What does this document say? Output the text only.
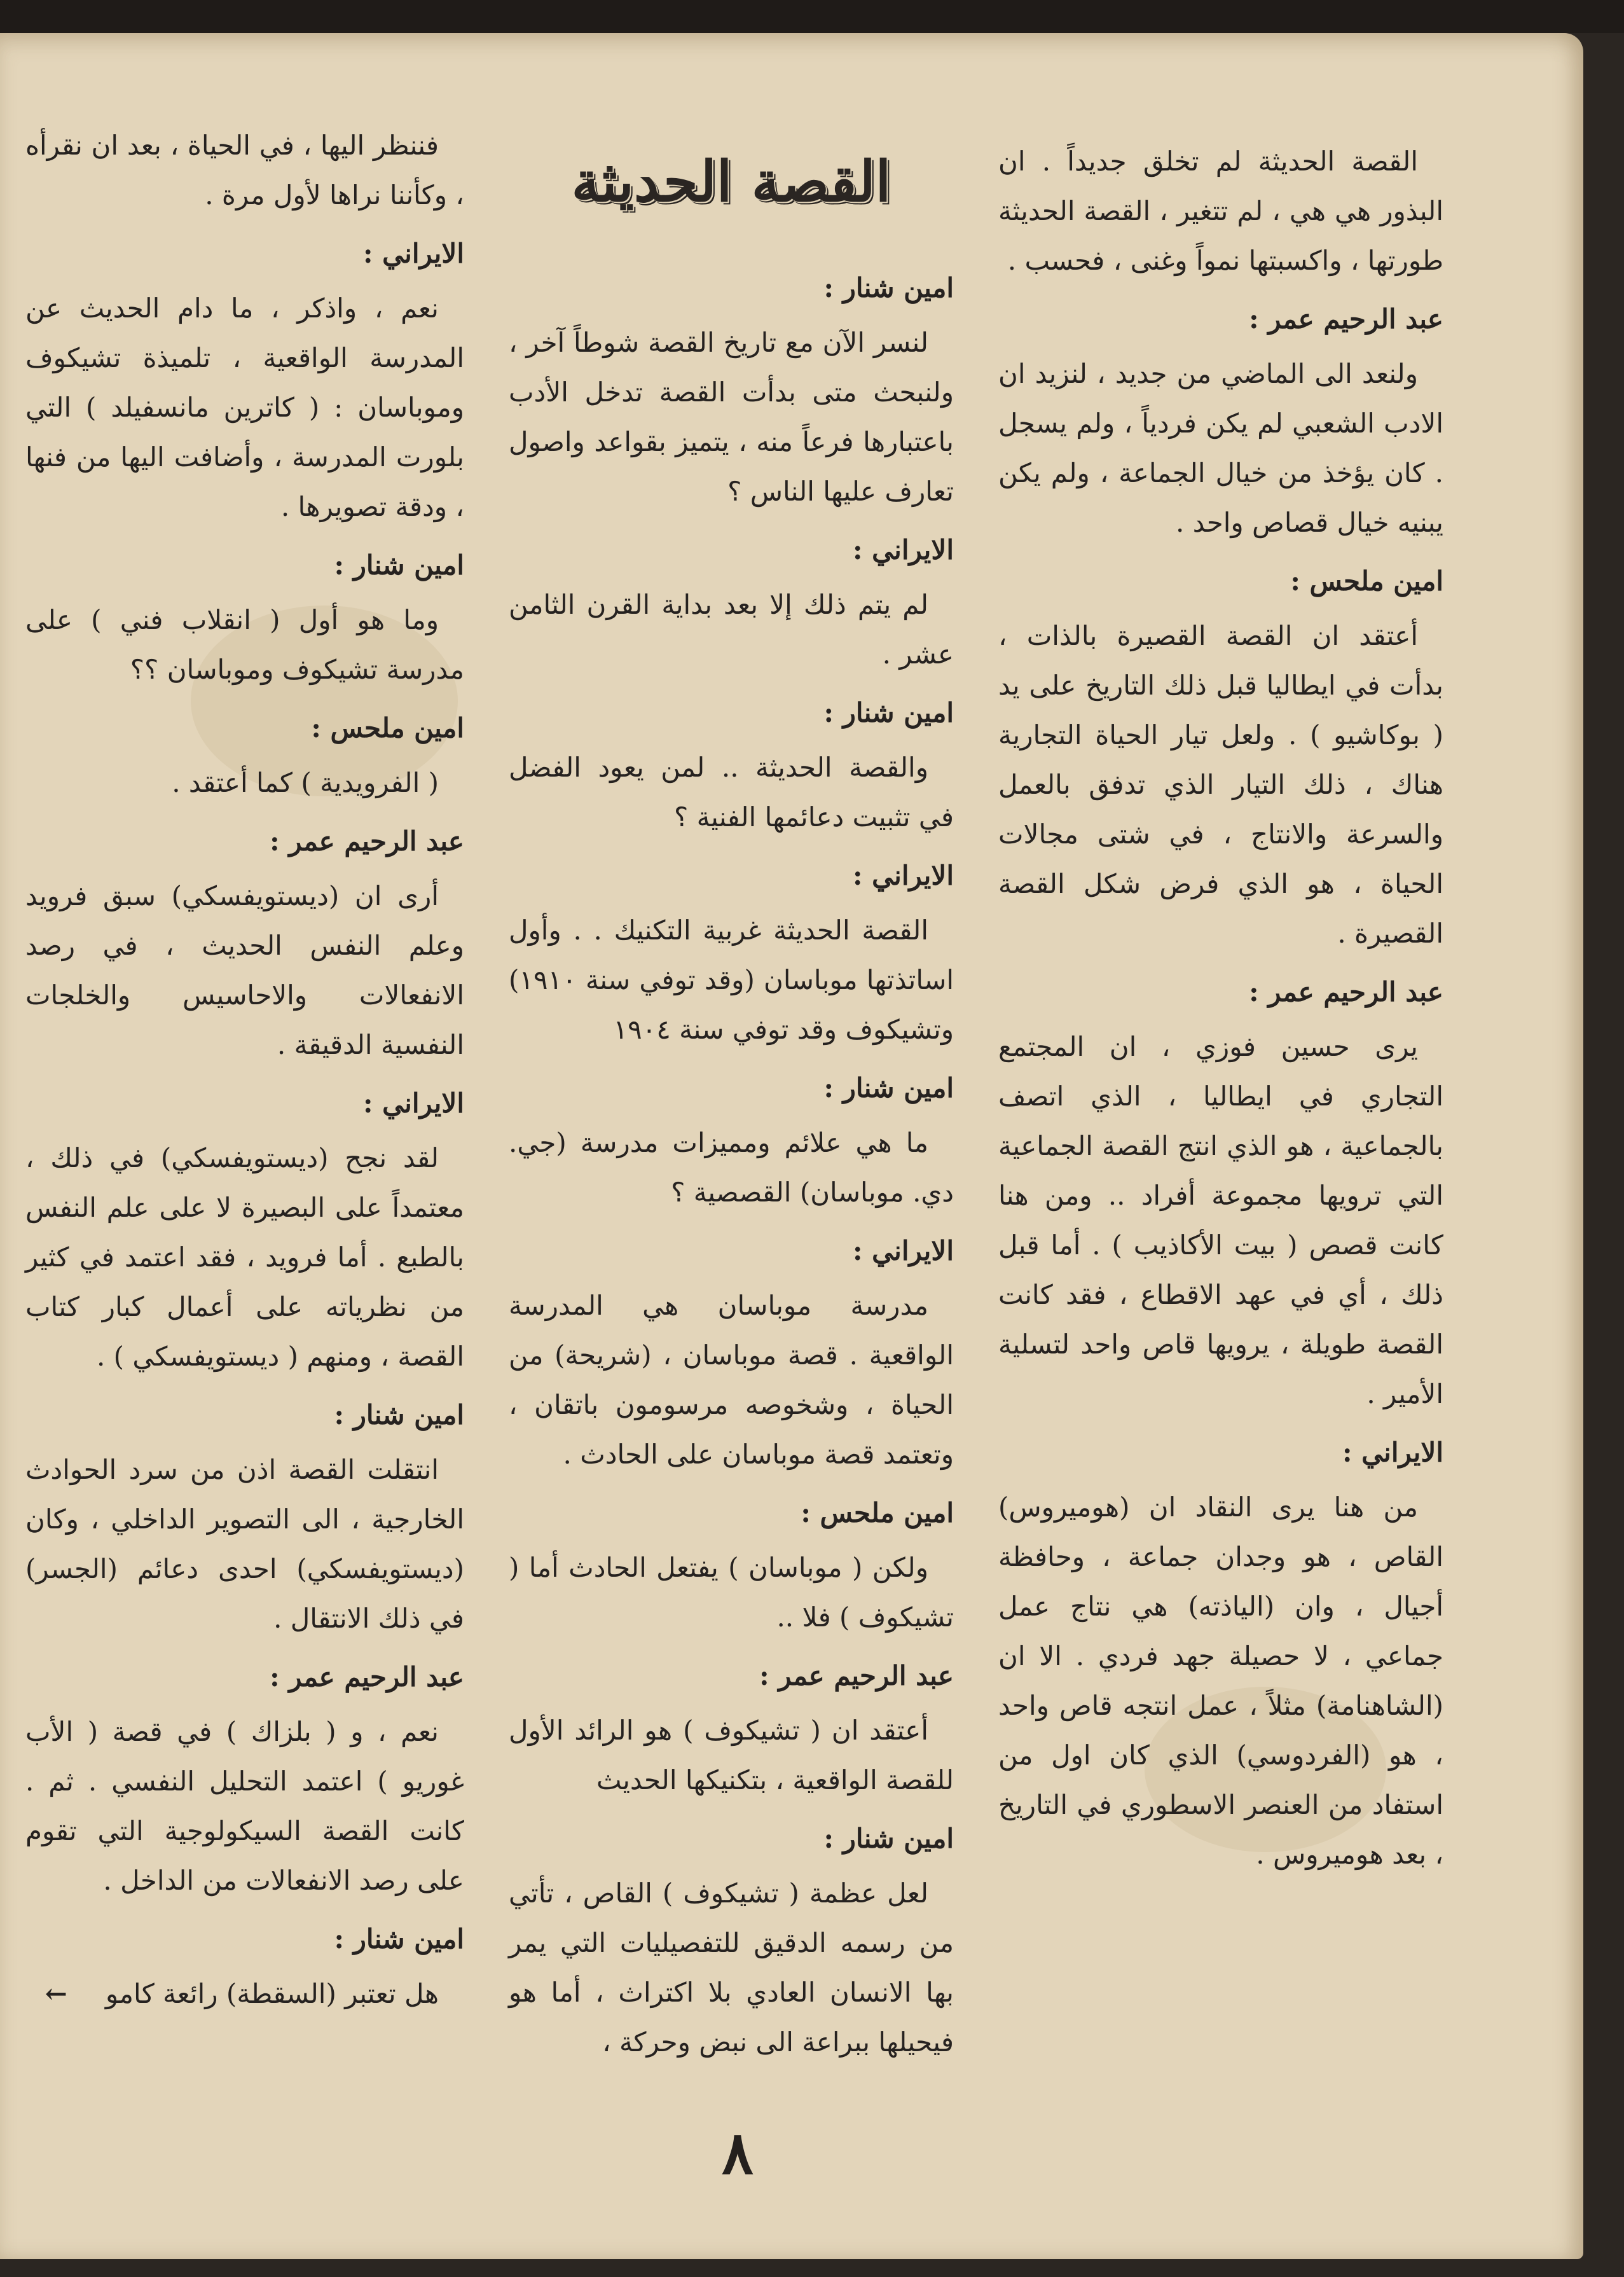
القصة الحديثة	القصة الحديثة لم تخلق جديداً . ان البذور هي هي ، لم تتغير ، القصة الحديثة طورتها ، واكسبتها نمواً وغنى ، فحسب .
عبد الرحيم عمر :
ولنعد الى الماضي من جديد ، لنزيد ان الادب الشعبي لم يكن فردياً ، ولم يسجل . كان يؤخذ من خيال الجماعة ، ولم يكن يبنيه خيال قصاص واحد .
امين ملحس :
أعتقد ان القصة القصيرة بالذات ، بدأت في ايطاليا قبل ذلك التاريخ على يد ( بوكاشيو ) . ولعل تيار الحياة التجارية هناك ، ذلك التيار الذي تدفق بالعمل والسرعة والانتاج ، في شتى مجالات الحياة ، هو الذي فرض شكل القصة القصيرة .
عبد الرحيم عمر :
يرى حسين فوزي ، ان المجتمع التجاري في ايطاليا ، الذي اتصف بالجماعية ، هو الذي انتج القصة الجماعية التي ترويها مجموعة أفراد .. ومن هنا كانت قصص ( بيت الأكاذيب ) . أما قبل ذلك ، أي في عهد الاقطاع ، فقد كانت القصة طويلة ، يرويها قاص واحد لتسلية الأمير .
الايراني :
من هنا يرى النقاد ان (هوميروس) القاص ، هو وجدان جماعة ، وحافظة أجيال ، وان (الياذته) هي نتاج عمل جماعي ، لا حصيلة جهد فردي . الا ان (الشاهنامة) مثلاً ، عمل انتجه قاص واحد ، هو (الفردوسي) الذي كان اول من استفاد من العنصر الاسطوري في التاريخ ، بعد هوميروس .
امين شنار :
لنسر الآن مع تاريخ القصة شوطاً آخر ، ولنبحث متى بدأت القصة تدخل الأدب باعتبارها فرعاً منه ، يتميز بقواعد واصول تعارف عليها الناس ؟
الايراني :
لم يتم ذلك إلا بعد بداية القرن الثامن عشر .
امين شنار :
والقصة الحديثة .. لمن يعود الفضل في تثبيت دعائمها الفنية ؟
الايراني :
القصة الحديثة غربية التكنيك . . وأول اساتذتها موباسان (وقد توفي سنة ١٩١٠) وتشيكوف وقد توفي سنة ١٩٠٤
امين شنار :
ما هي علائم ومميزات مدرسة (جي. دي. موباسان) القصصية ؟
الايراني :
مدرسة موباسان هي المدرسة الواقعية . قصة موباسان ، (شريحة) من الحياة ، وشخوصه مرسومون باتقان ، وتعتمد قصة موباسان على الحادث .
امين ملحس :
ولكن ( موباسان ) يفتعل الحادث أما ( تشيكوف ) فلا ..
عبد الرحيم عمر :
أعتقد ان ( تشيكوف ) هو الرائد الأول للقصة الواقعية ، بتكنيكها الحديث
امين شنار :
لعل عظمة ( تشيكوف ) القاص ، تأتي من رسمه الدقيق للتفصيليات التي يمر بها الانسان العادي بلا اكتراث ، أما هو فيحيلها ببراعة الى نبض وحركة ،
فننظر اليها ، في الحياة ، بعد ان نقرأه ، وكأننا نراها لأول مرة .
الايراني :
نعم ، واذكر ، ما دام الحديث عن المدرسة الواقعية ، تلميذة تشيكوف وموباسان : ( كاترين مانسفيلد ) التي بلورت المدرسة ، وأضافت اليها من فنها ، ودقة تصويرها .
امين شنار :
وما هو أول ( انقلاب فني ) على مدرسة تشيكوف وموباسان ؟؟
امين ملحس :
( الفرويدية ) كما أعتقد .
عبد الرحيم عمر :
أرى ان (ديستويفسكي) سبق فرويد وعلم النفس الحديث ، في رصد الانفعالات والاحاسيس والخلجات النفسية الدقيقة .
الايراني :
لقد نجح (ديستويفسكي) في ذلك ، معتمداً على البصيرة لا على علم النفس بالطبع . أما فرويد ، فقد اعتمد في كثير من نظرياته على أعمال كبار كتاب القصة ، ومنهم ( ديستويفسكي ) .
امين شنار :
انتقلت القصة اذن من سرد الحوادث الخارجية ، الى التصوير الداخلي ، وكان (ديستويفسكي) احدى دعائم (الجسر) في ذلك الانتقال .
عبد الرحيم عمر :
نعم ، و ( بلزاك ) في قصة ( الأب غوريو ) اعتمد التحليل النفسي . ثم . كانت القصة السيكولوجية التي تقوم على رصد الانفعالات من الداخل .
امين شنار :
هل تعتبر (السقطة) رائعة كامو←
٨
